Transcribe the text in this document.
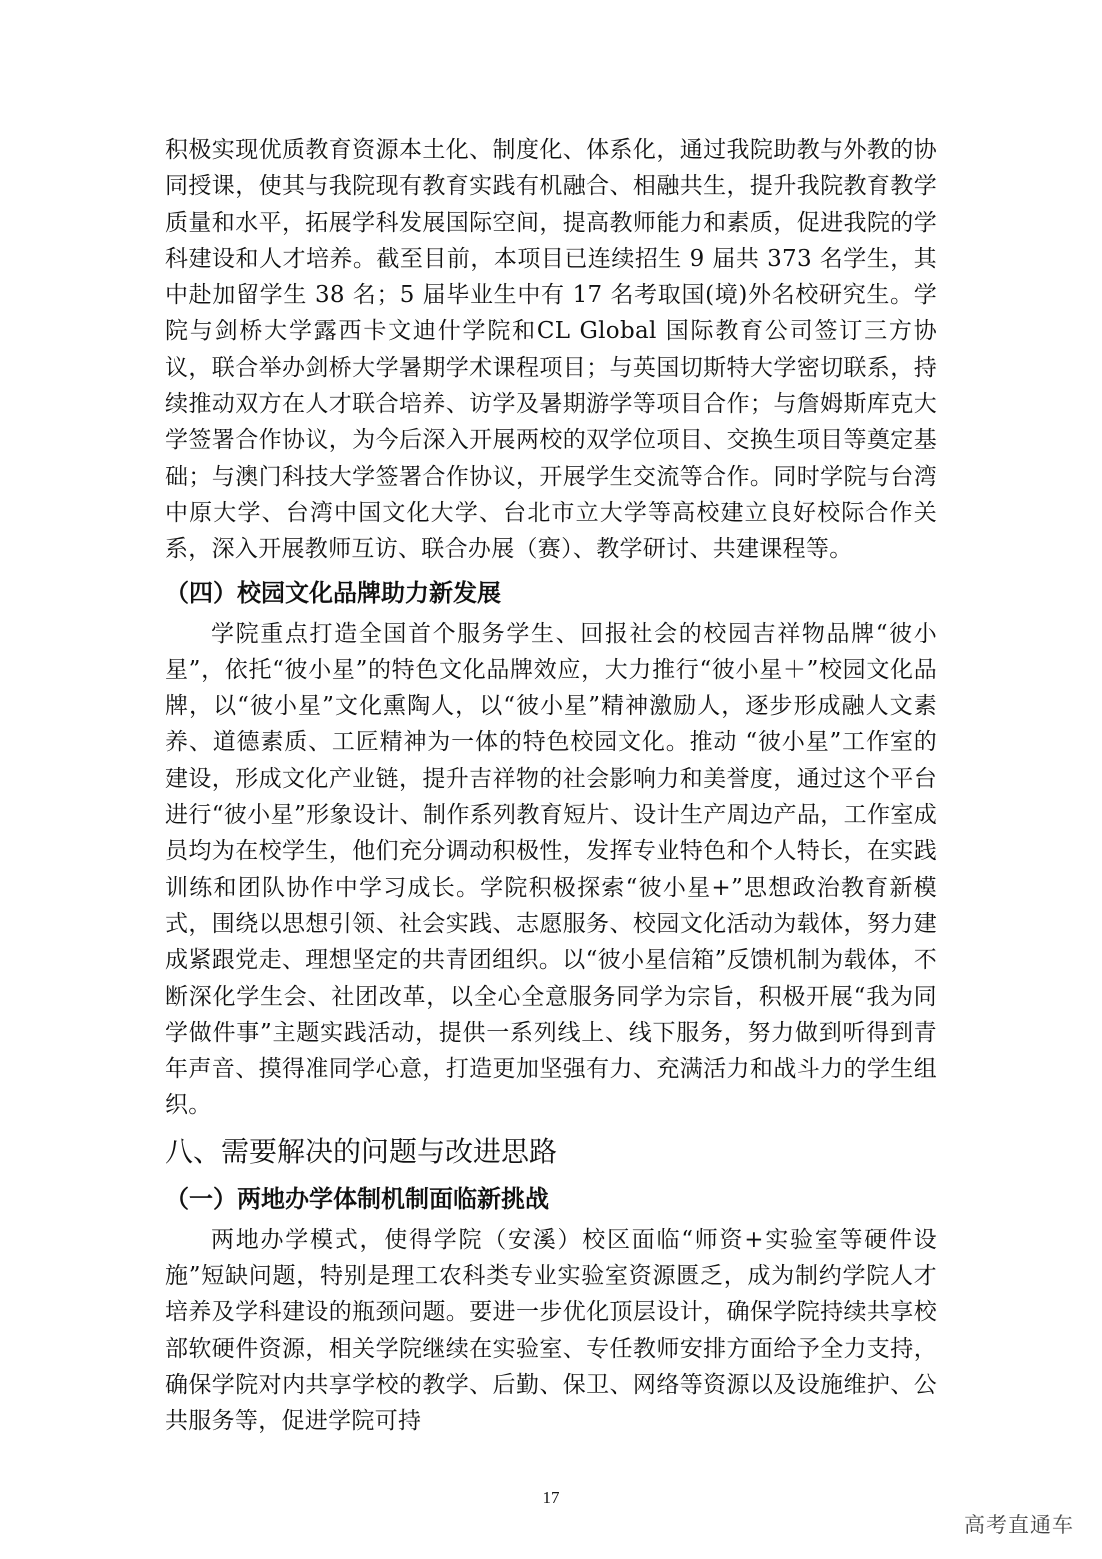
积极实现优质教育资源本土化、制度化、体系化，通过我院助教与外教的协同授课，使其与我院现有教育实践有机融合、相融共生，提升我院教育教学质量和水平，拓展学科发展国际空间，提高教师能力和素质，促进我院的学科建设和人才培养。截至目前，本项目已连续招生 9 届共 373 名学生，其中赴加留学生 38 名；5 届毕业生中有 17 名考取国(境)外名校研究生。学院与剑桥大学露西卡文迪什学院和CL Global 国际教育公司签订三方协议，联合举办剑桥大学暑期学术课程项目；与英国切斯特大学密切联系，持续推动双方在人才联合培养、访学及暑期游学等项目合作；与詹姆斯库克大学签署合作协议，为今后深入开展两校的双学位项目、交换生项目等奠定基础；与澳门科技大学签署合作协议，开展学生交流等合作。同时学院与台湾中原大学、台湾中国文化大学、台北市立大学等高校建立良好校际合作关系，深入开展教师互访、联合办展（赛）、教学研讨、共建课程等。

（四）校园文化品牌助力新发展

学院重点打造全国首个服务学生、回报社会的校园吉祥物品牌“彼小星”，依托“彼小星”的特色文化品牌效应，大力推行“彼小星＋”校园文化品牌，以“彼小星”文化熏陶人，以“彼小星”精神激励人，逐步形成融人文素养、道德素质、工匠精神为一体的特色校园文化。推动 “彼小星”工作室的建设，形成文化产业链，提升吉祥物的社会影响力和美誉度，通过这个平台进行“彼小星”形象设计、制作系列教育短片、设计生产周边产品，工作室成员均为在校学生，他们充分调动积极性，发挥专业特色和个人特长，在实践训练和团队协作中学习成长。学院积极探索“彼小星+”思想政治教育新模式，围绕以思想引领、社会实践、志愿服务、校园文化活动为载体，努力建成紧跟党走、理想坚定的共青团组织。以“彼小星信箱”反馈机制为载体，不断深化学生会、社团改革，以全心全意服务同学为宗旨，积极开展“我为同学做件事”主题实践活动，提供一系列线上、线下服务，努力做到听得到青年声音、摸得准同学心意，打造更加坚强有力、充满活力和战斗力的学生组织。

八、需要解决的问题与改进思路
（一）两地办学体制机制面临新挑战

两地办学模式，使得学院（安溪）校区面临“师资+实验室等硬件设施”短缺问题，特别是理工农科类专业实验室资源匮乏，成为制约学院人才培养及学科建设的瓶颈问题。要进一步优化顶层设计，确保学院持续共享校部软硬件资源，相关学院继续在实验室、专任教师安排方面给予全力支持，确保学院对内共享学校的教学、后勤、保卫、网络等资源以及设施维护、公共服务等，促进学院可持

17
高考直通车
